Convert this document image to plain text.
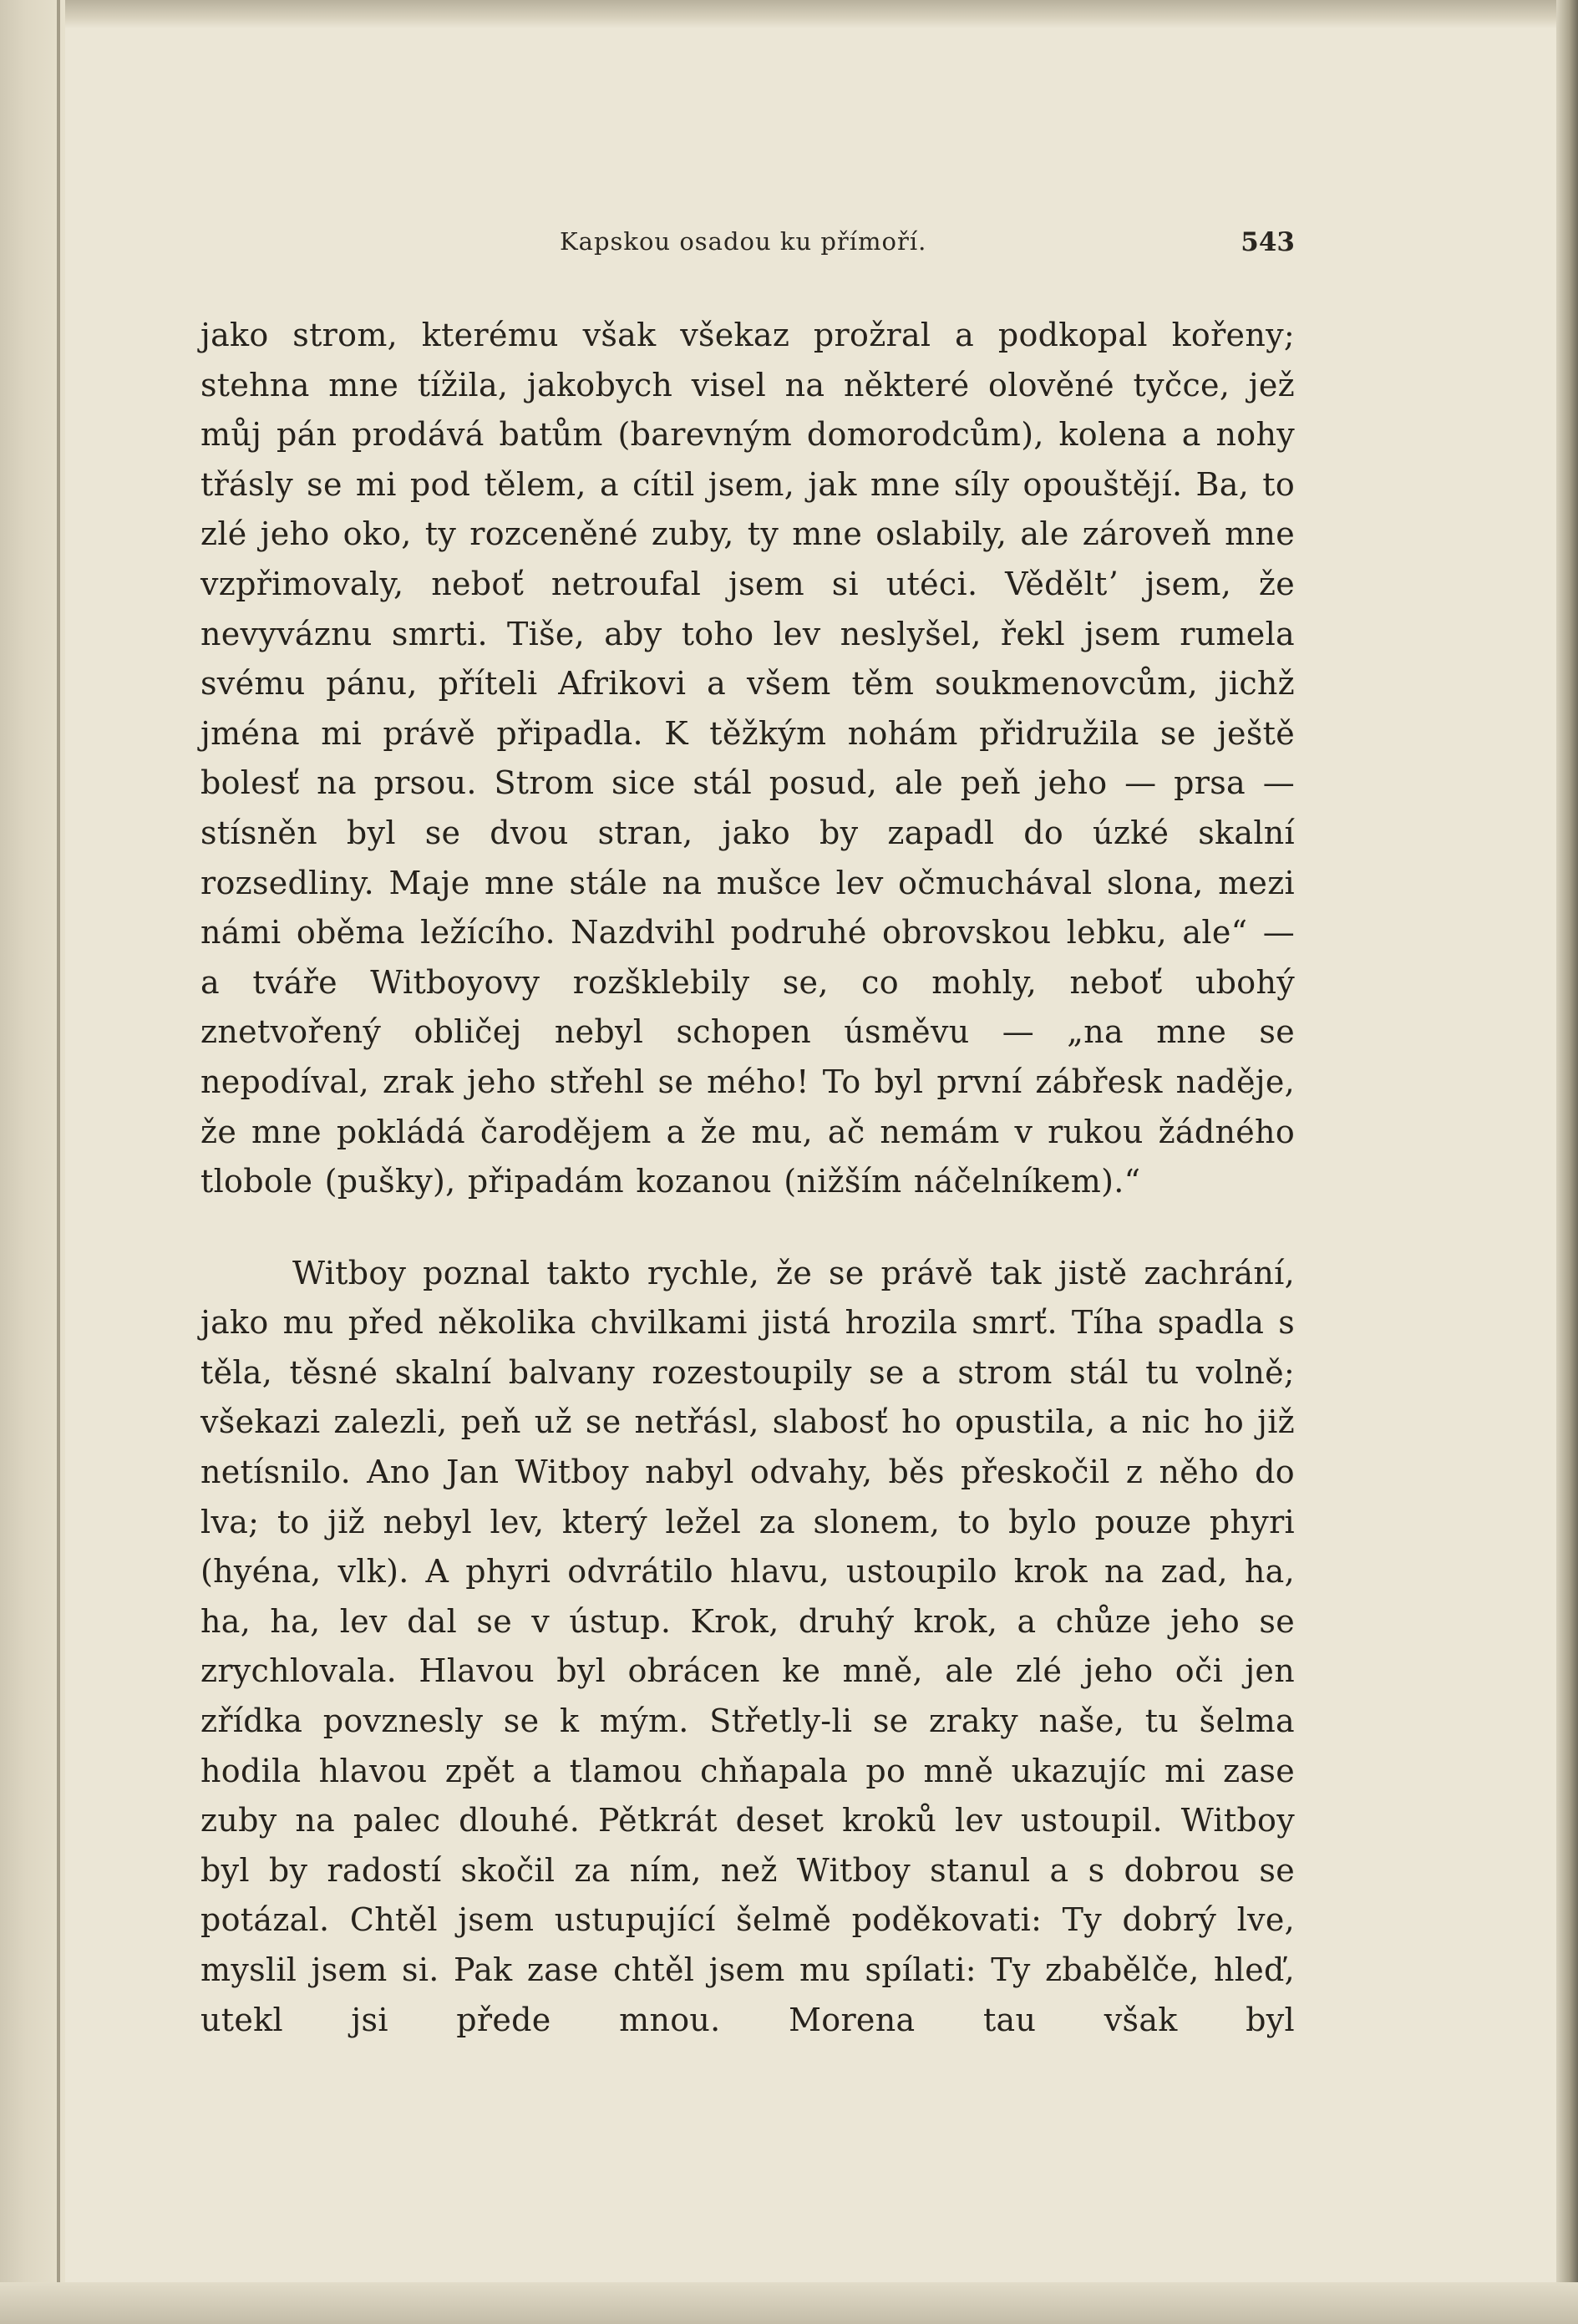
Kapskou osadou ku přímoří.	543

jako strom, kterému však všekaz prožral a podkopal kořeny; stehna mne tížila, jakobych visel na některé olověné tyčce, jež můj pán prodává batům (barevným domorodcům), kolena a nohy třásly se mi pod tělem, a cítil jsem, jak mne síly opouštějí. Ba, to zlé jeho oko, ty rozceněné zuby, ty mne oslabily, ale zároveň mne vzpřimovaly, neboť netroufal jsem si utéci. Věděltʼ jsem, že nevyváznu smrti. Tiše, aby toho lev neslyšel, řekl jsem rumela svému pánu, příteli Afrikovi a všem těm soukmenovcům, jichž jména mi právě připadla. K těžkým nohám přidružila se ještě bolesť na prsou. Strom sice stál posud, ale peň jeho — prsa — stísněn byl se dvou stran, jako by zapadl do úzké skalní rozsedliny. Maje mne stále na mušce lev očmuchával slona, mezi námi oběma ležícího. Nazdvihl podruhé obrovskou lebku, ale“ — a tváře Witboyovy rozšklebily se, co mohly, neboť ubohý znetvořený obličej nebyl schopen úsměvu — „na mne se nepodíval, zrak jeho střehl se mého! To byl první zábřesk naděje, že mne pokládá čarodějem a že mu, ač nemám v rukou žádného tlobole (pušky), připadám kozanou (nižším náčelníkem).“

Witboy poznal takto rychle, že se právě tak jistě zachrání, jako mu před několika chvilkami jistá hrozila smrť. Tíha spadla s těla, těsné skalní balvany rozestoupily se a strom stál tu volně; všekazi zalezli, peň už se netřásl, slabosť ho opustila, a nic ho již netísnilo. Ano Jan Witboy nabyl odvahy, běs přeskočil z něho do lva; to již nebyl lev, který ležel za slonem, to bylo pouze phyri (hyéna, vlk). A phyri odvrátilo hlavu, ustoupilo krok na zad, ha, ha, ha, lev dal se v ústup. Krok, druhý krok, a chůze jeho se zrychlovala. Hlavou byl obrácen ke mně, ale zlé jeho oči jen zřídka povznesly se k mým. Střetly-li se zraky naše, tu šelma hodila hlavou zpět a tlamou chňapala po mně ukazujíc mi zase zuby na palec dlouhé. Pětkrát deset kroků lev ustoupil. Witboy byl by radostí skočil za ním, než Witboy stanul a s dobrou se potázal. Chtěl jsem ustupující šelmě poděkovati: Ty dobrý lve, myslil jsem si. Pak zase chtěl jsem mu spílati: Ty zbabělče, hleď, utekl jsi přede mnou. Morena tau však byl
